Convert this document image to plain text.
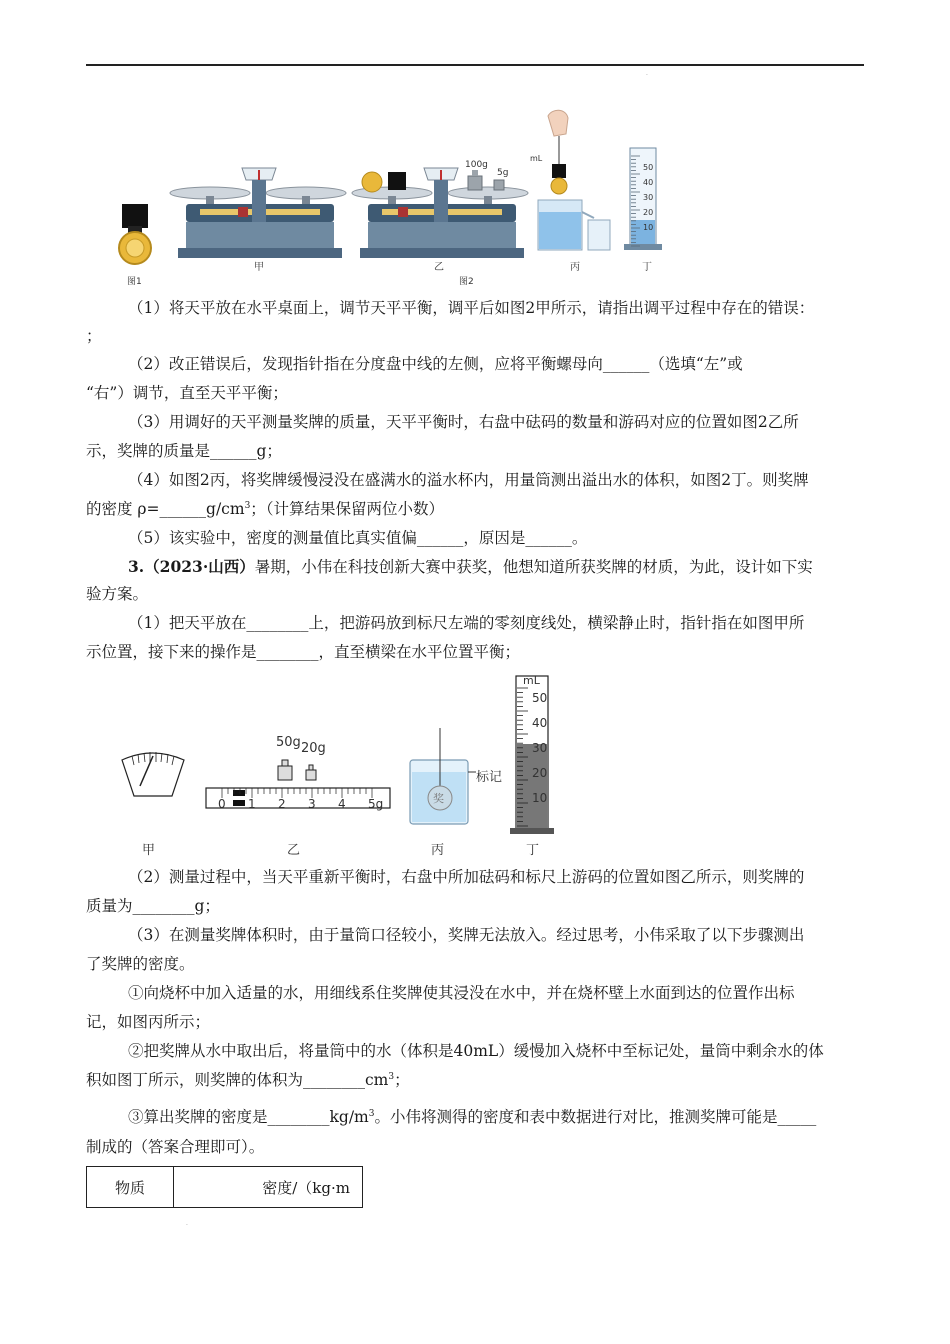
·
mL
100g
5g
50
40
30
20
10
图1
甲	乙
图2
丙	丁
（1）将天平放在水平桌面上，调节天平平衡，调平后如图2甲所示，请指出调平过程中存在的错误：
；
（2）改正错误后，发现指针指在分度盘中线的左侧，应将平衡螺母向______（选填“左”或
“右”）调节，直至天平平衡；
（3）用调好的天平测量奖牌的质量，天平平衡时，右盘中砝码的数量和游码对应的位置如图2乙所
示，奖牌的质量是______g；
（4）如图2丙，将奖牌缓慢浸没在盛满水的溢水杯内，用量筒测出溢出水的体积，如图2丁。则奖牌
的密度 $\rho=\_\_\_\_\_\_g/cm^3$；（计算结果保留两位小数）
（5）该实验中，密度的测量值比真实值偏______，原因是______。
3.（2023·山西）暑期，小伟在科技创新大赛中获奖，他想知道所获奖牌的材质，为此，设计如下实
验方案。
（1）把天平放在________上，把游码放到标尺左端的零刻度线处，横梁静止时，指针指在如图甲所
示位置，接下来的操作是________，直至横梁在水平位置平衡；
50g 20g
0 1 2 3 4 5g
标记
奖
mL
50
40
30
20
10
甲	乙	丙	丁
（2）测量过程中，当天平重新平衡时，右盘中所加砝码和标尺上游码的位置如图乙所示，则奖牌的
质量为________g；
（3）在测量奖牌体积时，由于量筒口径较小，奖牌无法放入。经过思考，小伟采取了以下步骤测出
了奖牌的密度。
①向烧杯中加入适量的水，用细线系住奖牌使其浸没在水中，并在烧杯壁上水面到达的位置作出标
记，如图丙所示；
②把奖牌从水中取出后，将量筒中的水（体积是40mL）缓慢加入烧杯中至标记处，量筒中剩余水的体
积如图丁所示，则奖牌的体积为$\_\_\_\_\_\_\_\_cm^3$；
③算出奖牌的密度是$\_\_\_\_\_\_\_\_kg/m^3$。小伟将测得的密度和表中数据进行对比，推测奖牌可能是_____
制成的（答案合理即可）。
物质	密度/（kg·m
·
